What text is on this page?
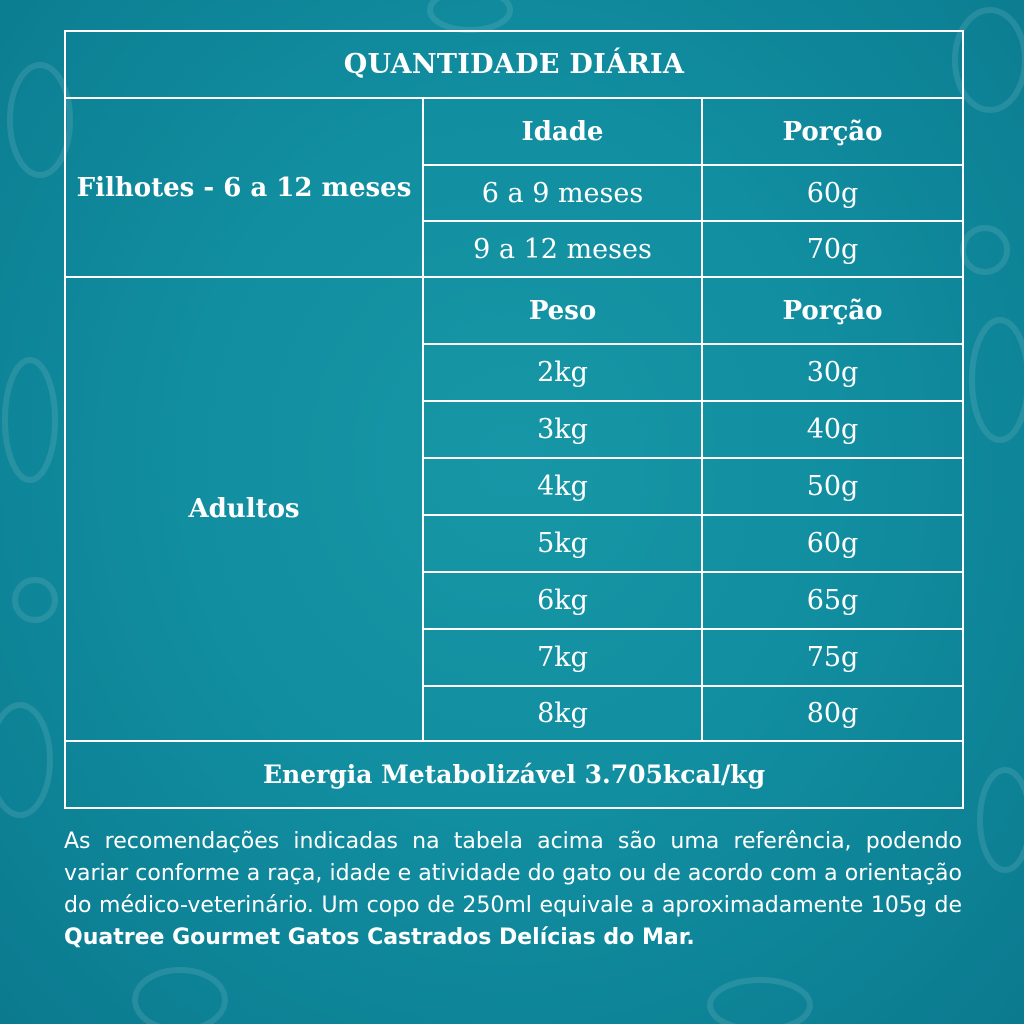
QUANTIDADE DIÁRIA		
Filhotes - 6 a 12 meses	Idade	Porção
	6 a 9 meses	60g
	9 a 12 meses	70g
Adultos	Peso	Porção
	2kg	30g
	3kg	40g
	4kg	50g
	5kg	60g
	6kg	65g
	7kg	75g
	8kg	80g
Energia Metabolizável 3.705kcal/kg		

As recomendações indicadas na tabela acima são uma referência, podendo variar conforme a raça, idade e atividade do gato ou de acordo com a orientação do médico-veterinário. Um copo de 250ml equivale a aproximadamente 105g de Quatree Gourmet Gatos Castrados Delícias do Mar.
